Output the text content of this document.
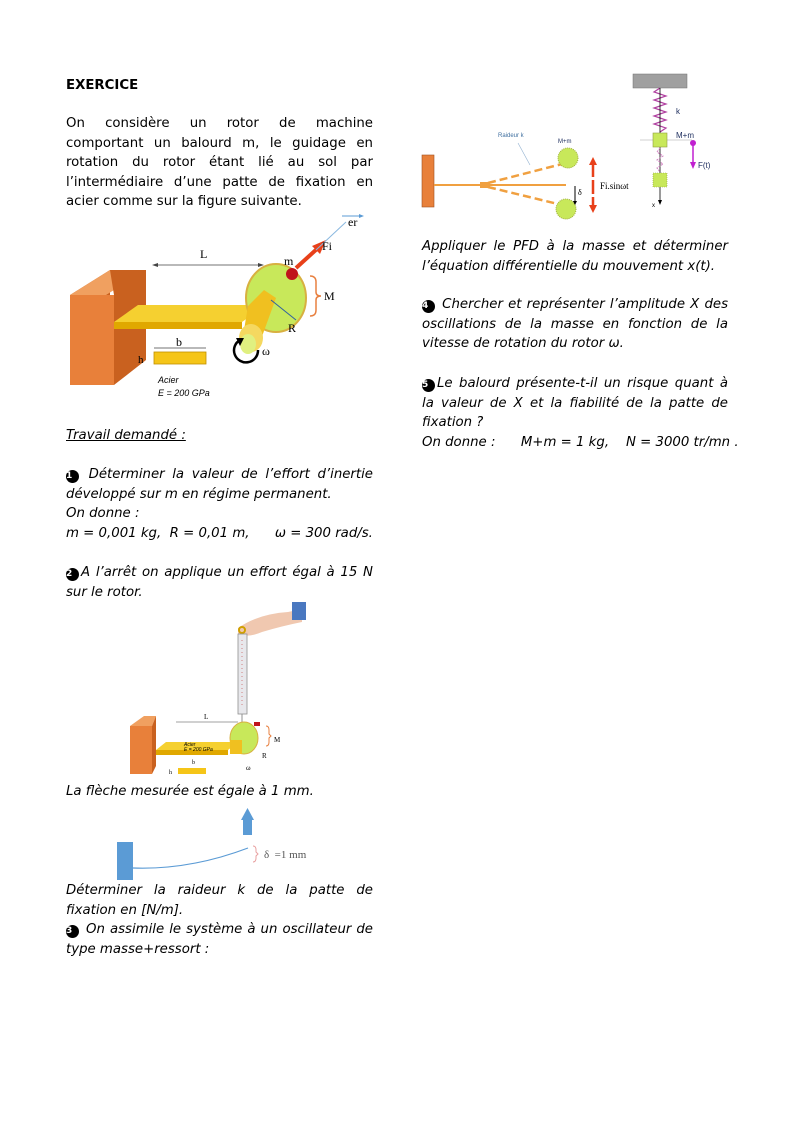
EXERCICE

On considère un rotor de machine comportant un balourd m, le guidage en rotation du rotor étant lié au sol par l’intermédiaire d’une patte de fixation en acier comme sur la figure suivante.

L	m
Fi
er
M
R
ω
b
h
Acier
E = 200 GPa

Travail demandé :

1 Déterminer la valeur de l’effort d’inertie développé sur m en régime permanent.

On donne :

m = 0,001 kg,  R = 0,01 m,      ω = 300 rad/s.

2 A l’arrêt on applique un effort égal à 15 N sur le rotor.

L
M
R
ω
Acier
E = 200 GPa
b
h

La flèche mesurée est égale à 1 mm.

δ  =1 mm

Déterminer la raideur k de la patte de fixation en [N/m].

3 On assimile le système à un oscillateur de type masse+ressort :

Raideur k
M+m
δ
Fi.sinωt
x
k
M+m
F(t)

Appliquer le PFD à la masse et déterminer l’équation différentielle du mouvement x(t).

4 Chercher et représenter l’amplitude X des oscillations de la masse en fonction de la vitesse de rotation du rotor ω.

5 Le balourd présente-t-il un risque quant à la valeur de X et la fiabilité de la patte de fixation ?

On donne : M+m = 1 kg,    N = 3000 tr/mn .
